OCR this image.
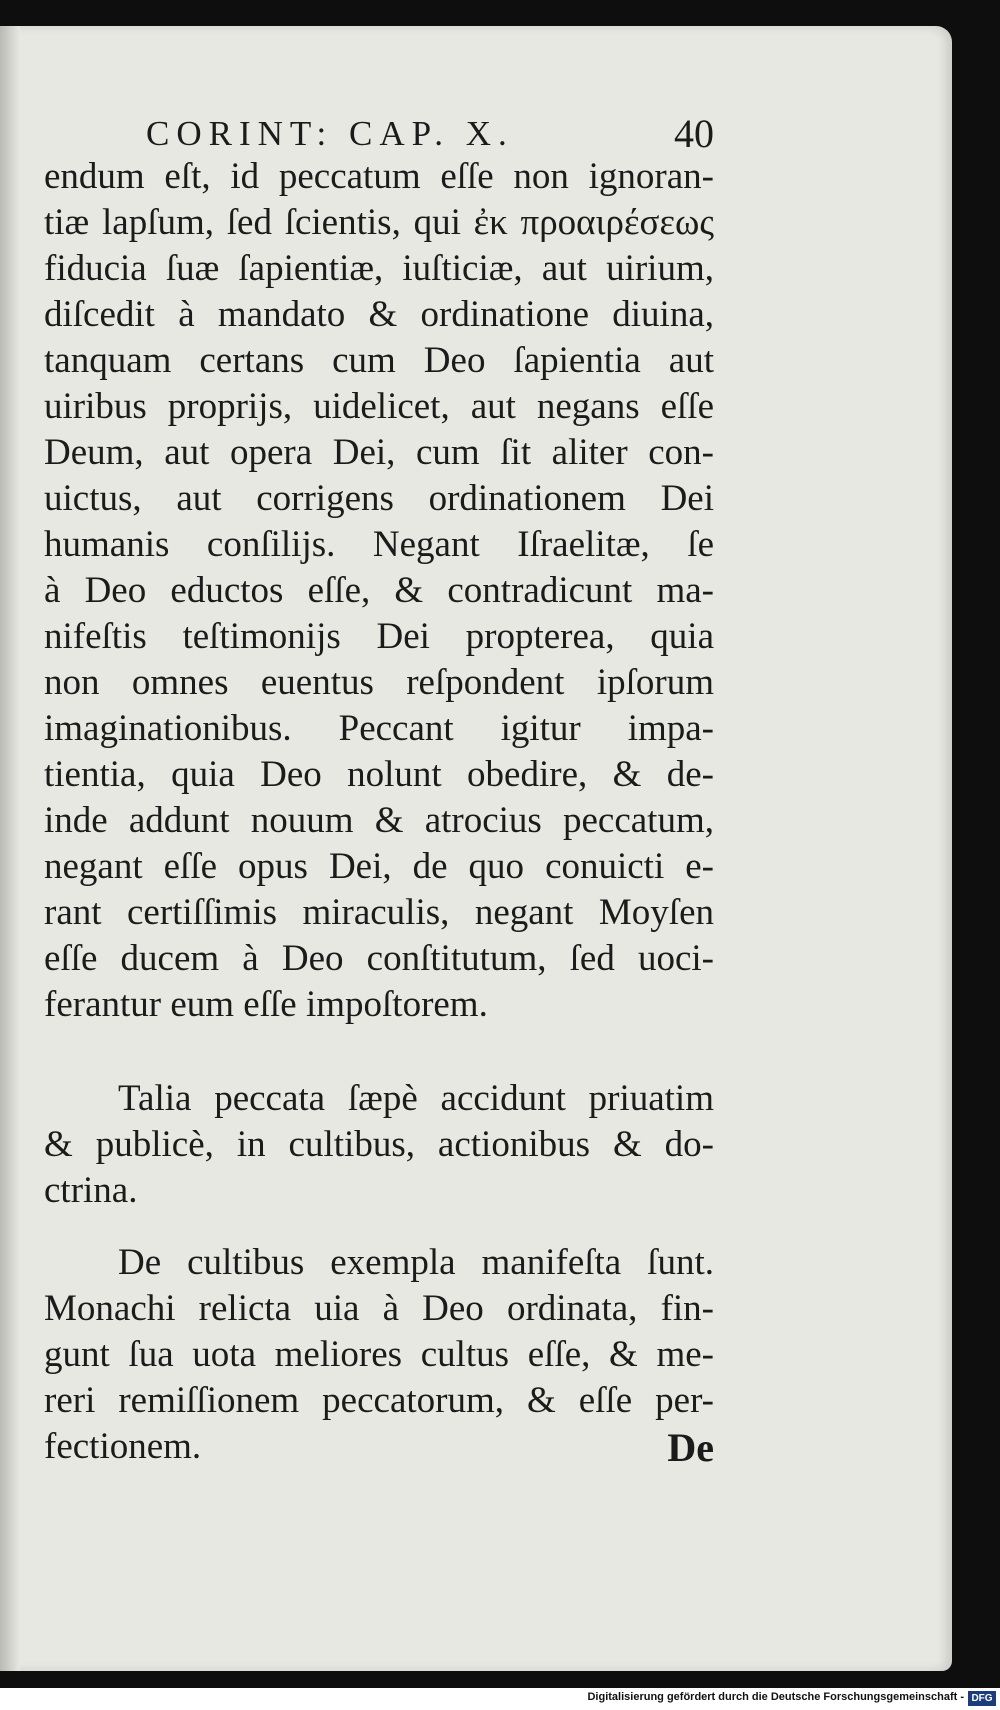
CORINT: CAP. X.	40
endum eſt, id peccatum eſſe non ignoran-
tiæ lapſum, ſed ſcientis, qui ἐκ προαιρέσεως
fiducia ſuæ ſapientiæ, iuſticiæ, aut uirium,
diſcedit à mandato & ordinatione diuina,
tanquam certans cum Deo ſapientia aut
uiribus proprijs, uidelicet, aut negans eſſe
Deum, aut opera Dei, cum ſit aliter con-
uictus, aut corrigens ordinationem Dei
humanis conſilijs. Negant Iſraelitæ, ſe
à Deo eductos eſſe, & contradicunt ma-
nifeſtis teſtimonijs Dei propterea, quia
non omnes euentus reſpondent ipſorum
imaginationibus. Peccant igitur impa-
tientia, quia Deo nolunt obedire, & de-
inde addunt nouum & atrocius peccatum,
negant eſſe opus Dei, de quo conuicti e-
rant certiſſimis miraculis, negant Moyſen
eſſe ducem à Deo conſtitutum, ſed uoci-
ferantur eum eſſe impoſtorem.
Talia peccata ſæpè accidunt priuatim
& publicè, in cultibus, actionibus & do-
ctrina.
De cultibus exempla manifeſta ſunt.
Monachi relicta uia à Deo ordinata, fin-
gunt ſua uota meliores cultus eſſe, & me-
reri remiſſionem peccatorum, & eſſe per-
fectionem.	De
Digitalisierung gefördert durch die Deutsche Forschungsgemeinschaft - DFG
